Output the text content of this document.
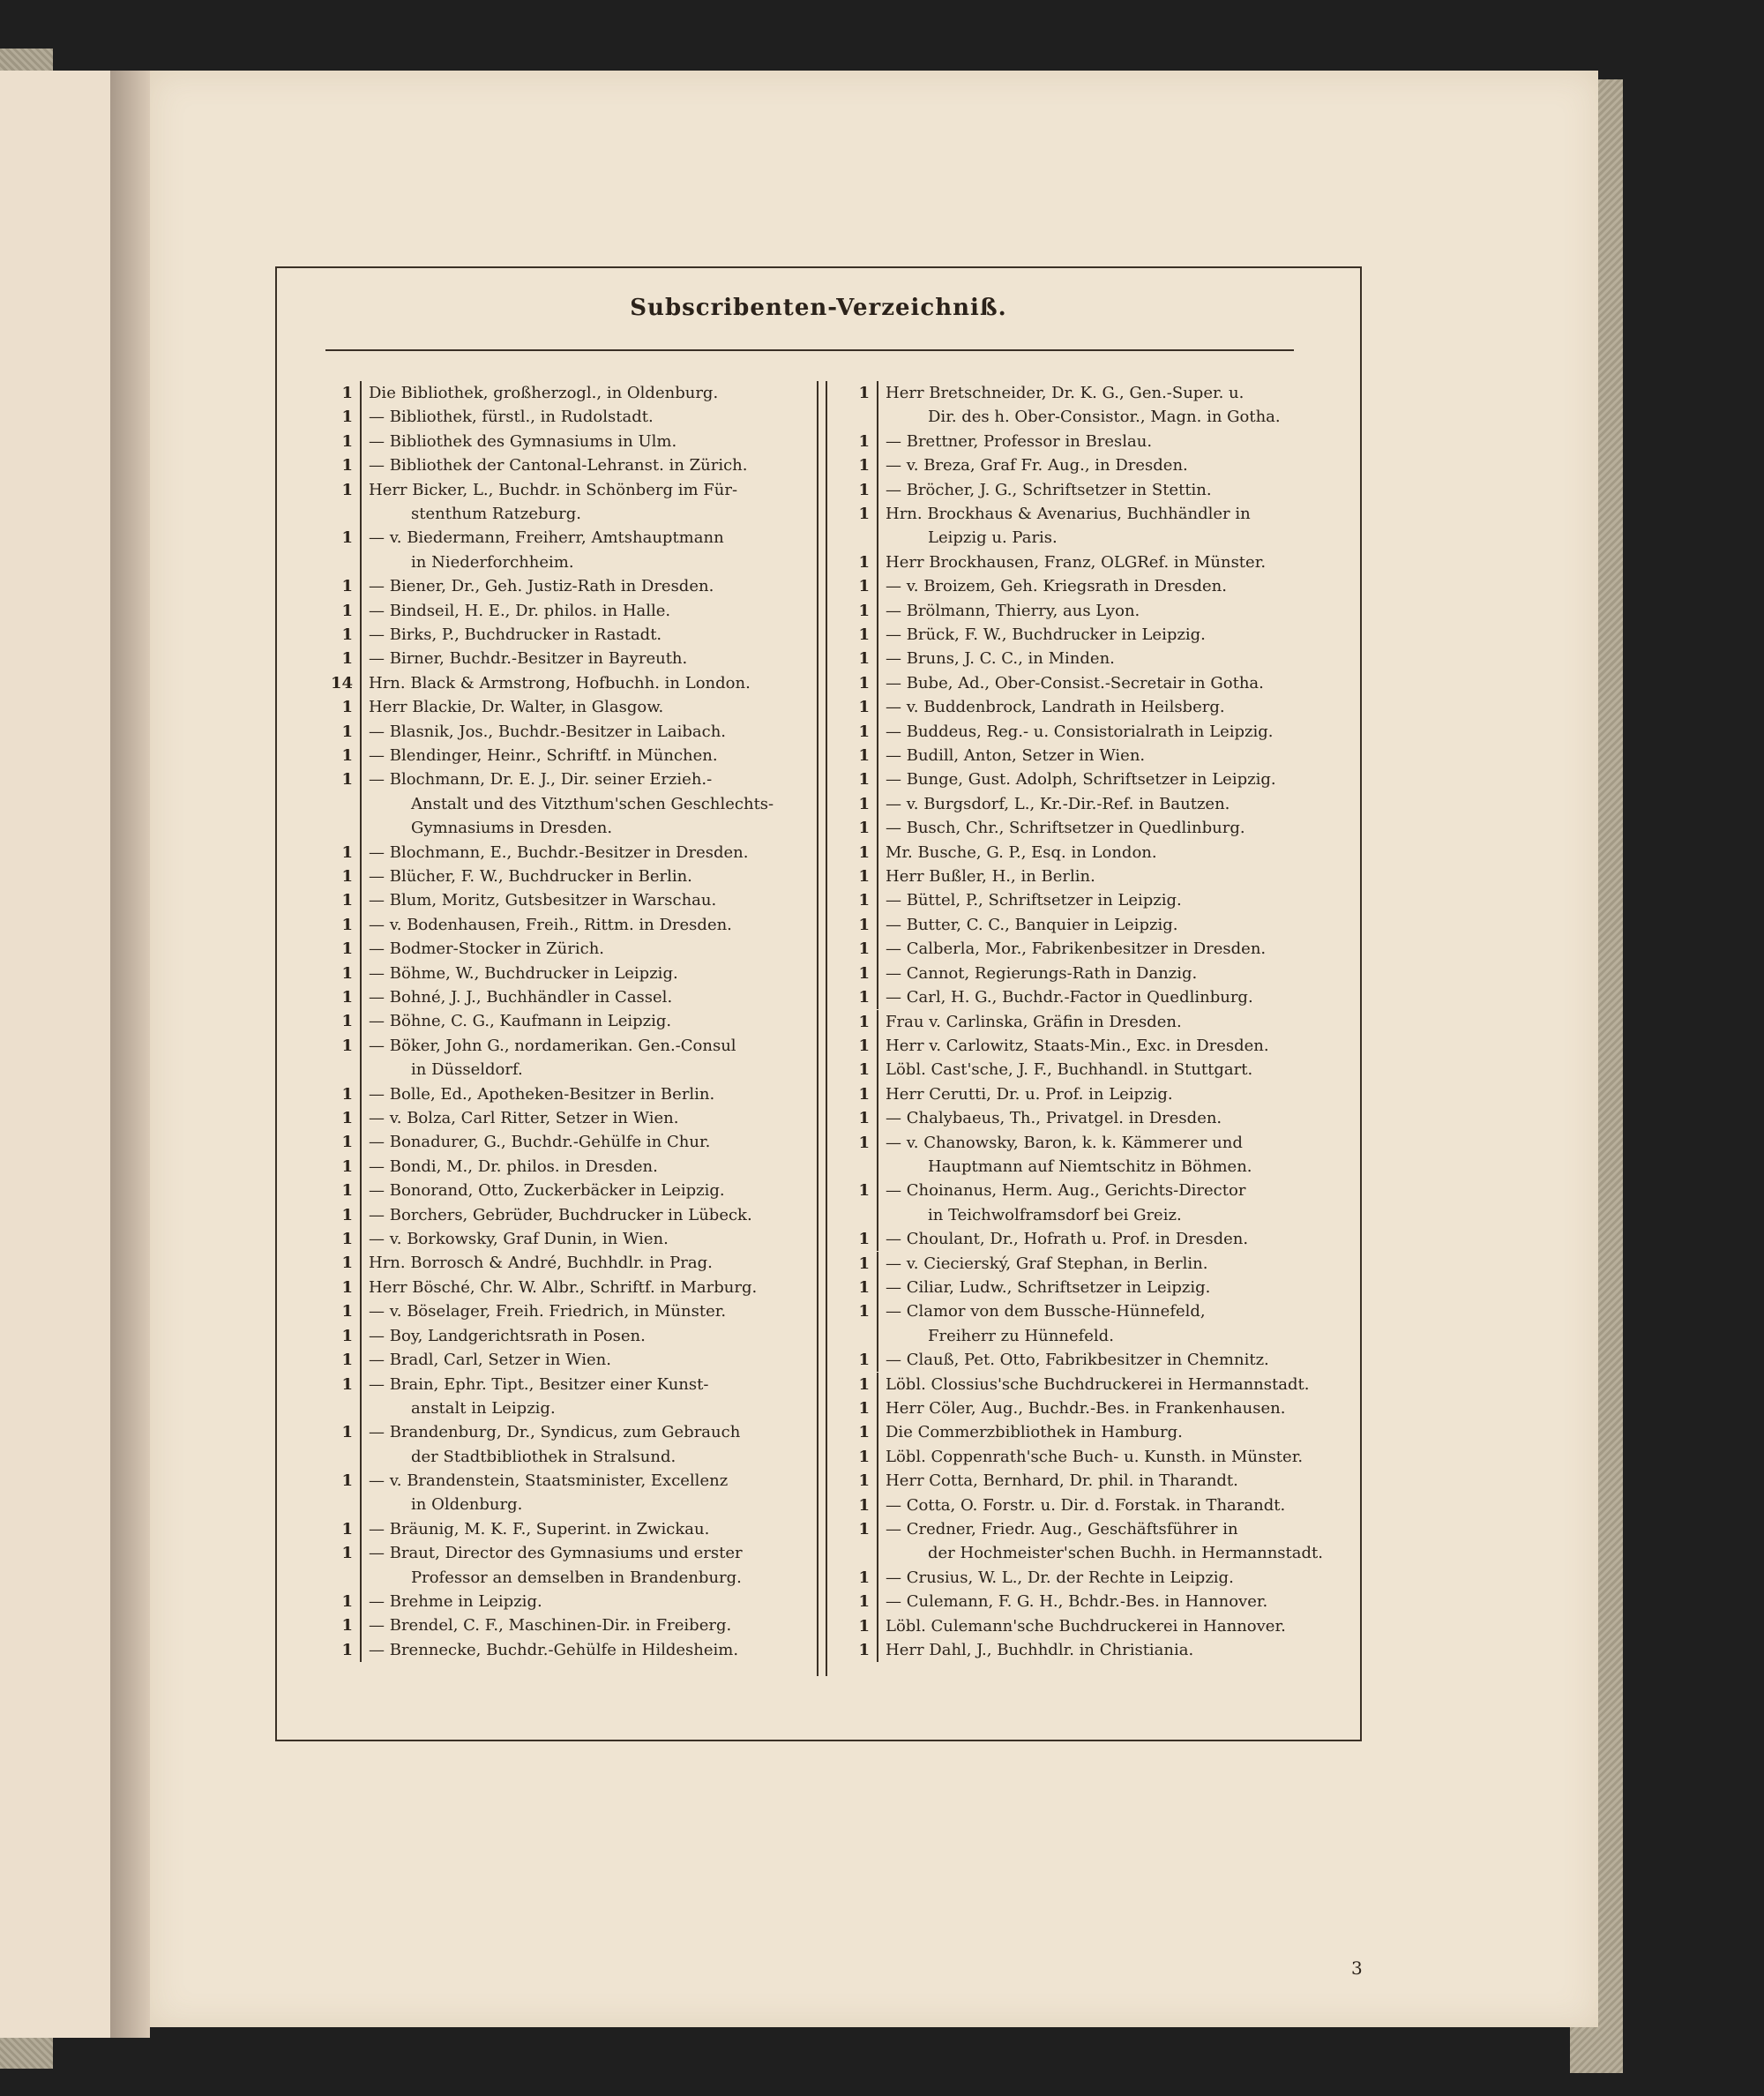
Subscribenten-Verzeichniß.
1	Die Bibliothek, großherzogl., in Oldenburg.
1	— Bibliothek, fürstl., in Rudolstadt.
1	— Bibliothek des Gymnasiums in Ulm.
1	— Bibliothek der Cantonal-Lehranst. in Zürich.
1	Herr Bicker, L., Buchdr. in Schönberg im Für-
stenthum Ratzeburg.
1	— v. Biedermann, Freiherr, Amtshauptmann
in Niederforchheim.
1	— Biener, Dr., Geh. Justiz-Rath in Dresden.
1	— Bindseil, H. E., Dr. philos. in Halle.
1	— Birks, P., Buchdrucker in Rastadt.
1	— Birner, Buchdr.-Besitzer in Bayreuth.
14	Hrn. Black & Armstrong, Hofbuchh. in London.
1	Herr Blackie, Dr. Walter, in Glasgow.
1	— Blasnik, Jos., Buchdr.-Besitzer in Laibach.
1	— Blendinger, Heinr., Schriftf. in München.
1	— Blochmann, Dr. E. J., Dir. seiner Erzieh.-
Anstalt und des Vitzthum'schen Geschlechts-
Gymnasiums in Dresden.
1	— Blochmann, E., Buchdr.-Besitzer in Dresden.
1	— Blücher, F. W., Buchdrucker in Berlin.
1	— Blum, Moritz, Gutsbesitzer in Warschau.
1	— v. Bodenhausen, Freih., Rittm. in Dresden.
1	— Bodmer-Stocker in Zürich.
1	— Böhme, W., Buchdrucker in Leipzig.
1	— Bohné, J. J., Buchhändler in Cassel.
1	— Böhne, C. G., Kaufmann in Leipzig.
1	— Böker, John G., nordamerikan. Gen.-Consul
in Düsseldorf.
1	— Bolle, Ed., Apotheken-Besitzer in Berlin.
1	— v. Bolza, Carl Ritter, Setzer in Wien.
1	— Bonadurer, G., Buchdr.-Gehülfe in Chur.
1	— Bondi, M., Dr. philos. in Dresden.
1	— Bonorand, Otto, Zuckerbäcker in Leipzig.
1	— Borchers, Gebrüder, Buchdrucker in Lübeck.
1	— v. Borkowsky, Graf Dunin, in Wien.
1	Hrn. Borrosch & André, Buchhdlr. in Prag.
1	Herr Bösché, Chr. W. Albr., Schriftf. in Marburg.
1	— v. Böselager, Freih. Friedrich, in Münster.
1	— Boy, Landgerichtsrath in Posen.
1	— Bradl, Carl, Setzer in Wien.
1	— Brain, Ephr. Tipt., Besitzer einer Kunst-
anstalt in Leipzig.
1	— Brandenburg, Dr., Syndicus, zum Gebrauch
der Stadtbibliothek in Stralsund.
1	— v. Brandenstein, Staatsminister, Excellenz
in Oldenburg.
1	— Bräunig, M. K. F., Superint. in Zwickau.
1	— Braut, Director des Gymnasiums und erster
Professor an demselben in Brandenburg.
1	— Brehme in Leipzig.
1	— Brendel, C. F., Maschinen-Dir. in Freiberg.
1	— Brennecke, Buchdr.-Gehülfe in Hildesheim.
1	Herr Bretschneider, Dr. K. G., Gen.-Super. u.
Dir. des h. Ober-Consistor., Magn. in Gotha.
1	— Brettner, Professor in Breslau.
1	— v. Breza, Graf Fr. Aug., in Dresden.
1	— Bröcher, J. G., Schriftsetzer in Stettin.
1	Hrn. Brockhaus & Avenarius, Buchhändler in
Leipzig u. Paris.
1	Herr Brockhausen, Franz, OLGRef. in Münster.
1	— v. Broizem, Geh. Kriegsrath in Dresden.
1	— Brölmann, Thierry, aus Lyon.
1	— Brück, F. W., Buchdrucker in Leipzig.
1	— Bruns, J. C. C., in Minden.
1	— Bube, Ad., Ober-Consist.-Secretair in Gotha.
1	— v. Buddenbrock, Landrath in Heilsberg.
1	— Buddeus, Reg.- u. Consistorialrath in Leipzig.
1	— Budill, Anton, Setzer in Wien.
1	— Bunge, Gust. Adolph, Schriftsetzer in Leipzig.
1	— v. Burgsdorf, L., Kr.-Dir.-Ref. in Bautzen.
1	— Busch, Chr., Schriftsetzer in Quedlinburg.
1	Mr. Busche, G. P., Esq. in London.
1	Herr Bußler, H., in Berlin.
1	— Büttel, P., Schriftsetzer in Leipzig.
1	— Butter, C. C., Banquier in Leipzig.
1	— Calberla, Mor., Fabrikenbesitzer in Dresden.
1	— Cannot, Regierungs-Rath in Danzig.
1	— Carl, H. G., Buchdr.-Factor in Quedlinburg.
1	Frau v. Carlinska, Gräfin in Dresden.
1	Herr v. Carlowitz, Staats-Min., Exc. in Dresden.
1	Löbl. Cast'sche, J. F., Buchhandl. in Stuttgart.
1	Herr Cerutti, Dr. u. Prof. in Leipzig.
1	— Chalybaeus, Th., Privatgel. in Dresden.
1	— v. Chanowsky, Baron, k. k. Kämmerer und
Hauptmann auf Niemtschitz in Böhmen.
1	— Choinanus, Herm. Aug., Gerichts-Director
in Teichwolframsdorf bei Greiz.
1	— Choulant, Dr., Hofrath u. Prof. in Dresden.
1	— v. Ciecierský, Graf Stephan, in Berlin.
1	— Ciliar, Ludw., Schriftsetzer in Leipzig.
1	— Clamor von dem Bussche-Hünnefeld,
Freiherr zu Hünnefeld.
1	— Clauß, Pet. Otto, Fabrikbesitzer in Chemnitz.
1	Löbl. Clossius'sche Buchdruckerei in Hermannstadt.
1	Herr Cöler, Aug., Buchdr.-Bes. in Frankenhausen.
1	Die Commerzbibliothek in Hamburg.
1	Löbl. Coppenrath'sche Buch- u. Kunsth. in Münster.
1	Herr Cotta, Bernhard, Dr. phil. in Tharandt.
1	— Cotta, O. Forstr. u. Dir. d. Forstak. in Tharandt.
1	— Credner, Friedr. Aug., Geschäftsführer in
der Hochmeister'schen Buchh. in Hermannstadt.
1	— Crusius, W. L., Dr. der Rechte in Leipzig.
1	— Culemann, F. G. H., Bchdr.-Bes. in Hannover.
1	Löbl. Culemann'sche Buchdruckerei in Hannover.
1	Herr Dahl, J., Buchhdlr. in Christiania.
3
